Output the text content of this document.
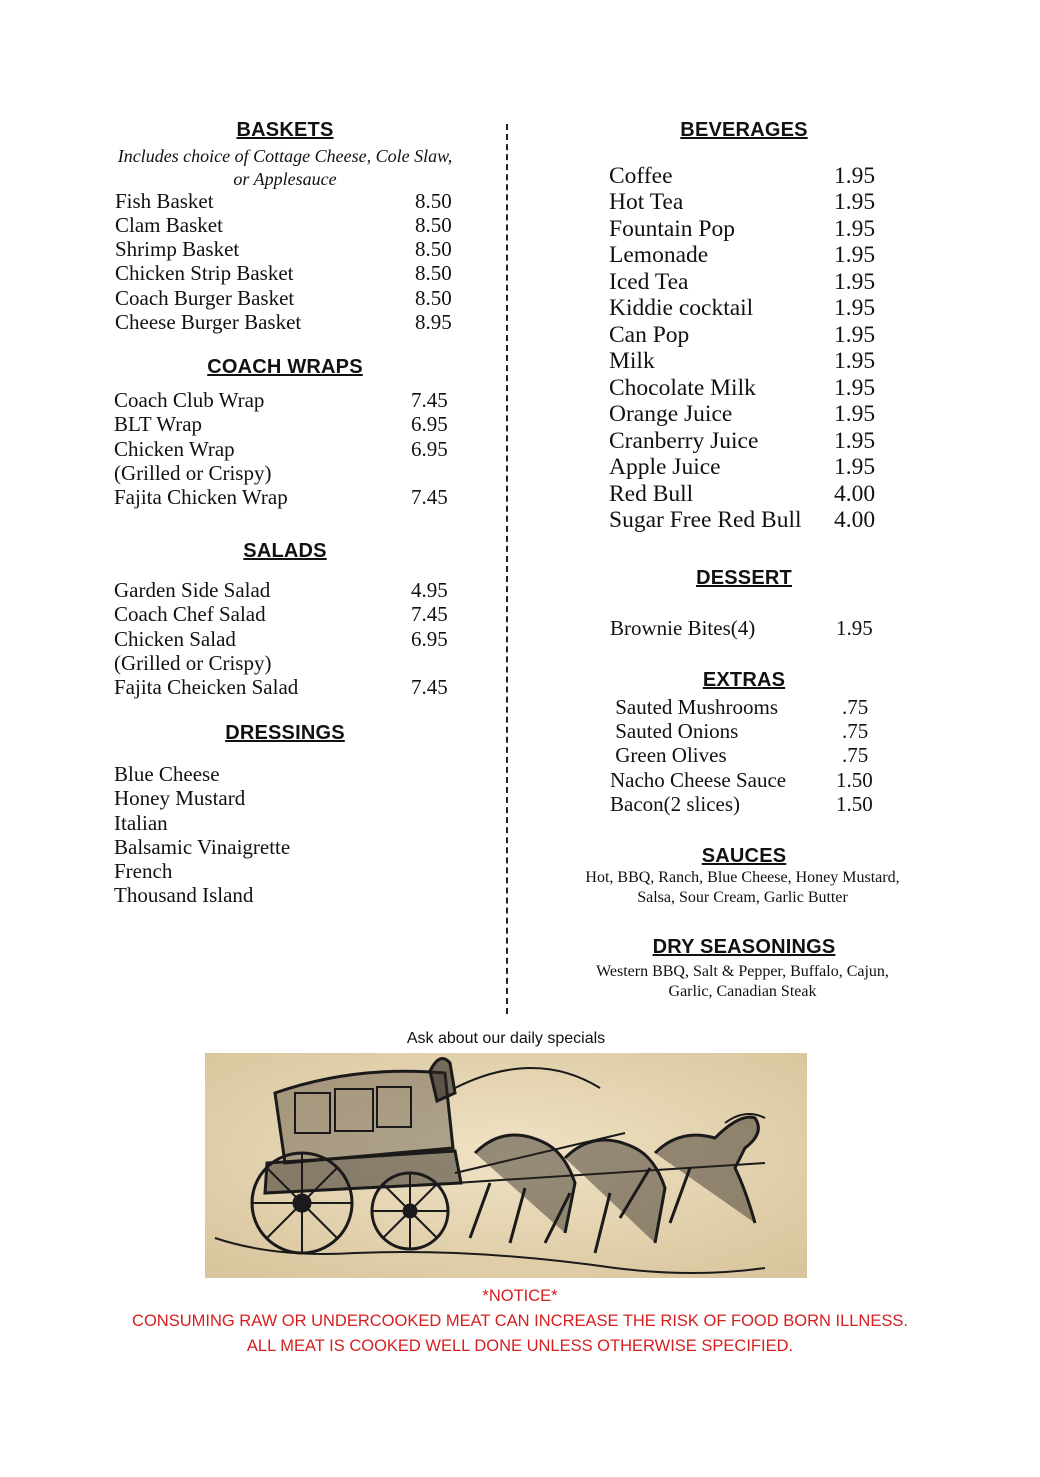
BASKETS
Includes choice of Cottage Cheese, Cole Slaw,
or Applesauce
Fish Basket	8.50
Clam Basket	8.50
Shrimp Basket	8.50
Chicken Strip Basket	8.50
Coach Burger Basket	8.50
Cheese Burger Basket	8.95
COACH WRAPS
Coach Club Wrap	7.45
BLT Wrap	6.95
Chicken Wrap	6.95
(Grilled or Crispy)
Fajita Chicken Wrap	7.45
SALADS
Garden Side Salad	4.95
Coach Chef Salad	7.45
Chicken Salad	6.95
(Grilled or Crispy)
Fajita Cheicken Salad	7.45
DRESSINGS
Blue Cheese
Honey Mustard
Italian
Balsamic Vinaigrette
French
Thousand Island
BEVERAGES
Coffee	1.95
Hot Tea	1.95
Fountain Pop	1.95
Lemonade	1.95
Iced Tea	1.95
Kiddie cocktail	1.95
Can Pop	1.95
Milk	1.95
Chocolate Milk	1.95
Orange Juice	1.95
Cranberry Juice	1.95
Apple Juice	1.95
Red Bull	4.00
Sugar Free Red Bull 4.00
DESSERT
Brownie Bites(4)	1.95
EXTRAS
Sauted Mushrooms	.75
Sauted Onions	.75
Green Olives	.75
Nacho Cheese Sauce 1.50
Bacon(2 slices)	1.50
SAUCES
Hot, BBQ, Ranch, Blue Cheese, Honey Mustard,
Salsa, Sour Cream, Garlic Butter
DRY SEASONINGS
Western BBQ, Salt & Pepper, Buffalo, Cajun,
Garlic, Canadian Steak
Ask about our daily specials
*NOTICE*
CONSUMING RAW OR UNDERCOOKED MEAT CAN INCREASE THE RISK OF FOOD BORN ILLNESS.
ALL MEAT IS COOKED WELL DONE UNLESS OTHERWISE SPECIFIED.
